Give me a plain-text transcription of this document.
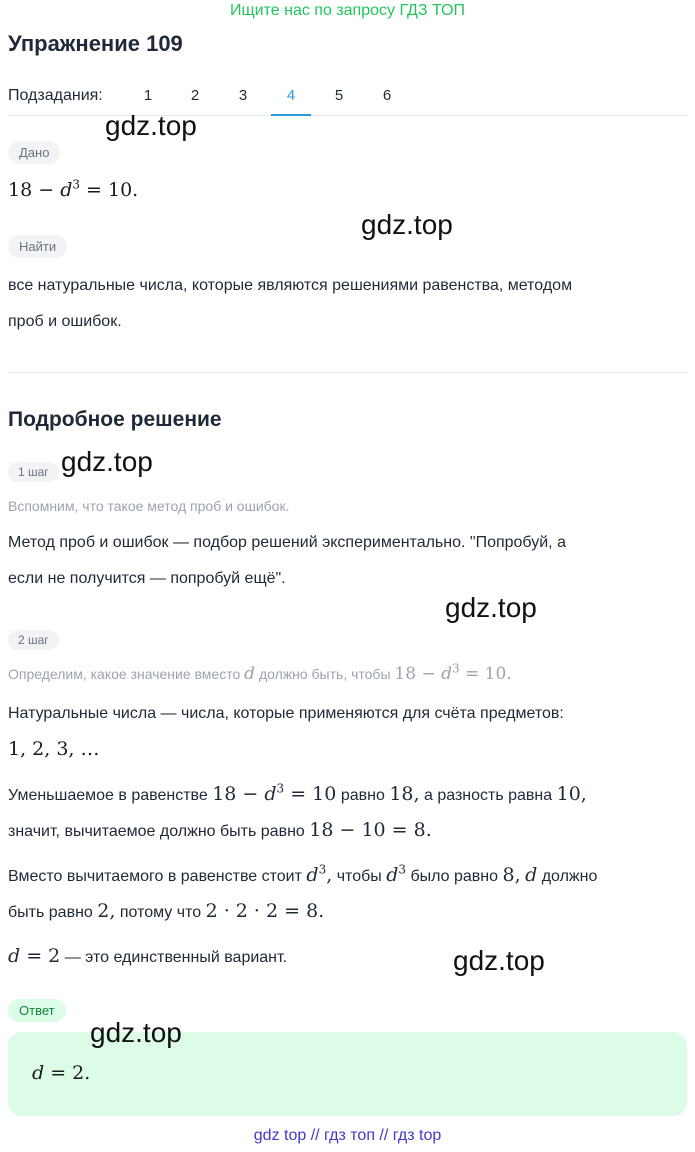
Ищите нас по запросу ГДЗ ТОП
Упражнение 109
Подзадания:	1	2	3	4	5	6
Дано
$18 - d^3 = 10$.
Найти
все натуральные числа, которые являются решениями равенства, методом
проб и ошибок.
Подробное решение
1 шаг
Вспомним, что такое метод проб и ошибок.
Метод проб и ошибок — подбор решений экспериментально. "Попробуй, а
если не получится — попробуй ещё".
2 шаг
Определим, какое значение вместо d должно быть, чтобы $18 - d^3 = 10$.
Натуральные числа — числа, которые применяются для счёта предметов:
1, 2, 3, …
Уменьшаемое в равенстве $18 - d^3 = 10$ равно 18, а разность равна 10,
значит, вычитаемое должно быть равно 18 − 10 = 8.
Вместо вычитаемого в равенстве стоит $d^3$, чтобы $d^3$ было равно 8, d должно
быть равно 2, потому что 2 · 2 · 2 = 8.
d = 2 — это единственный вариант.
Ответ
d = 2.
gdz.top
gdz.top
gdz.top
gdz.top
gdz.top
gdz.top
gdz top // гдз топ // гдз top
